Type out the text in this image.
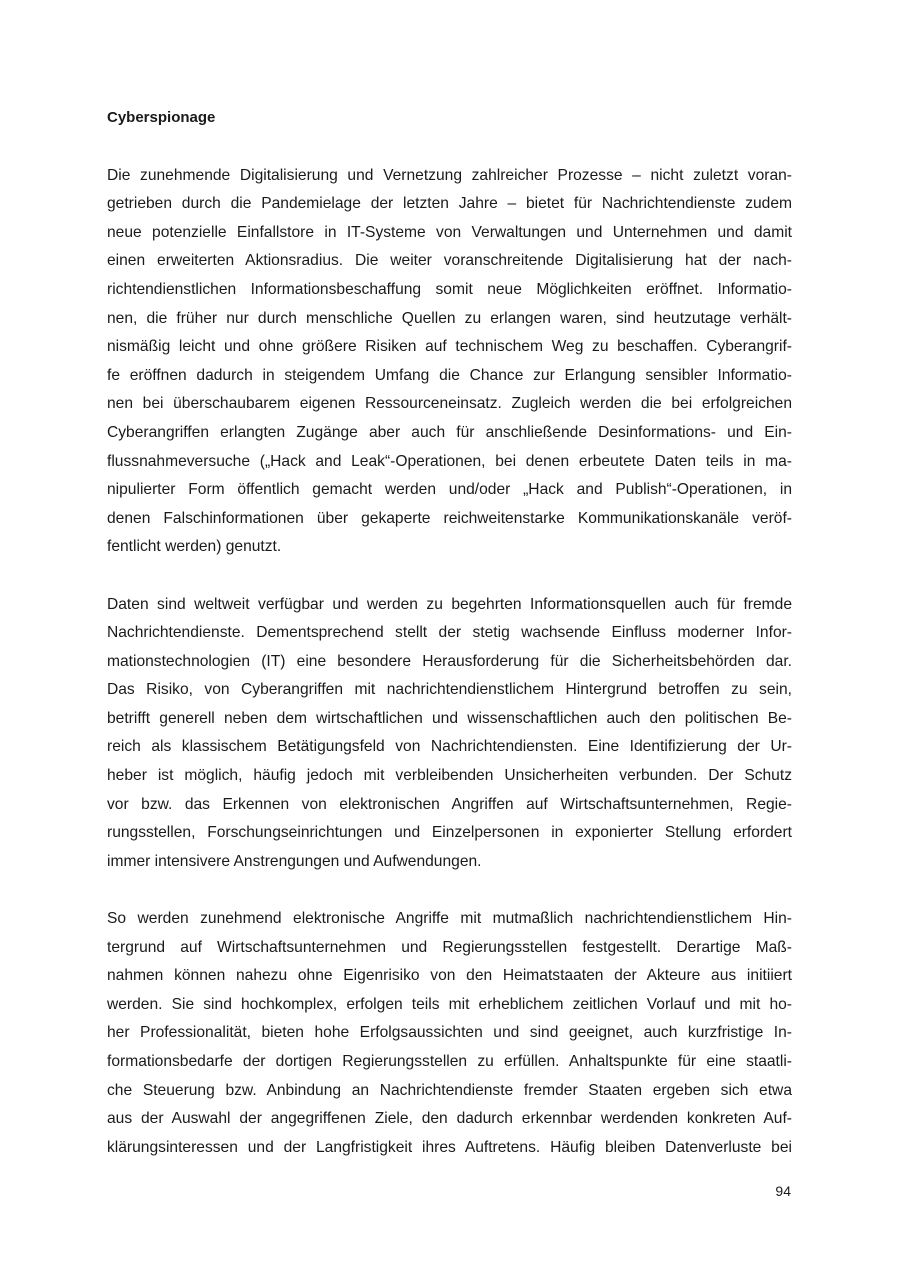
Cyberspionage
Die zunehmende Digitalisierung und Vernetzung zahlreicher Prozesse – nicht zuletzt voran-
getrieben durch die Pandemielage der letzten Jahre – bietet für Nachrichtendienste zudem
neue potenzielle Einfallstore in IT-Systeme von Verwaltungen und Unternehmen und damit
einen erweiterten Aktionsradius. Die weiter voranschreitende Digitalisierung hat der nach-
richtendienstlichen Informationsbeschaffung somit neue Möglichkeiten eröffnet. Informatio-
nen, die früher nur durch menschliche Quellen zu erlangen waren, sind heutzutage verhält-
nismäßig leicht und ohne größere Risiken auf technischem Weg zu beschaffen. Cyberangrif-
fe eröffnen dadurch in steigendem Umfang die Chance zur Erlangung sensibler Informatio-
nen bei überschaubarem eigenen Ressourceneinsatz. Zugleich werden die bei erfolgreichen
Cyberangriffen erlangten Zugänge aber auch für anschließende Desinformations- und Ein-
flussnahmeversuche („Hack and Leak“-Operationen, bei denen erbeutete Daten teils in ma-
nipulierter Form öffentlich gemacht werden und/oder „Hack and Publish“-Operationen, in
denen Falschinformationen über gekaperte reichweitenstarke Kommunikationskanäle veröf-
fentlicht werden) genutzt.
Daten sind weltweit verfügbar und werden zu begehrten Informationsquellen auch für fremde
Nachrichtendienste. Dementsprechend stellt der stetig wachsende Einfluss moderner Infor-
mationstechnologien (IT) eine besondere Herausforderung für die Sicherheitsbehörden dar.
Das Risiko, von Cyberangriffen mit nachrichtendienstlichem Hintergrund betroffen zu sein,
betrifft generell neben dem wirtschaftlichen und wissenschaftlichen auch den politischen Be-
reich als klassischem Betätigungsfeld von Nachrichtendiensten. Eine Identifizierung der Ur-
heber ist möglich, häufig jedoch mit verbleibenden Unsicherheiten verbunden. Der Schutz
vor bzw. das Erkennen von elektronischen Angriffen auf Wirtschaftsunternehmen, Regie-
rungsstellen, Forschungseinrichtungen und Einzelpersonen in exponierter Stellung erfordert
immer intensivere Anstrengungen und Aufwendungen.
So werden zunehmend elektronische Angriffe mit mutmaßlich nachrichtendienstlichem Hin-
tergrund auf Wirtschaftsunternehmen und Regierungsstellen festgestellt. Derartige Maß-
nahmen können nahezu ohne Eigenrisiko von den Heimatstaaten der Akteure aus initiiert
werden. Sie sind hochkomplex, erfolgen teils mit erheblichem zeitlichen Vorlauf und mit ho-
her Professionalität, bieten hohe Erfolgsaussichten und sind geeignet, auch kurzfristige In-
formationsbedarfe der dortigen Regierungsstellen zu erfüllen. Anhaltspunkte für eine staatli-
che Steuerung bzw. Anbindung an Nachrichtendienste fremder Staaten ergeben sich etwa
aus der Auswahl der angegriffenen Ziele, den dadurch erkennbar werdenden konkreten Auf-
klärungsinteressen und der Langfristigkeit ihres Auftretens. Häufig bleiben Datenverluste bei
94
